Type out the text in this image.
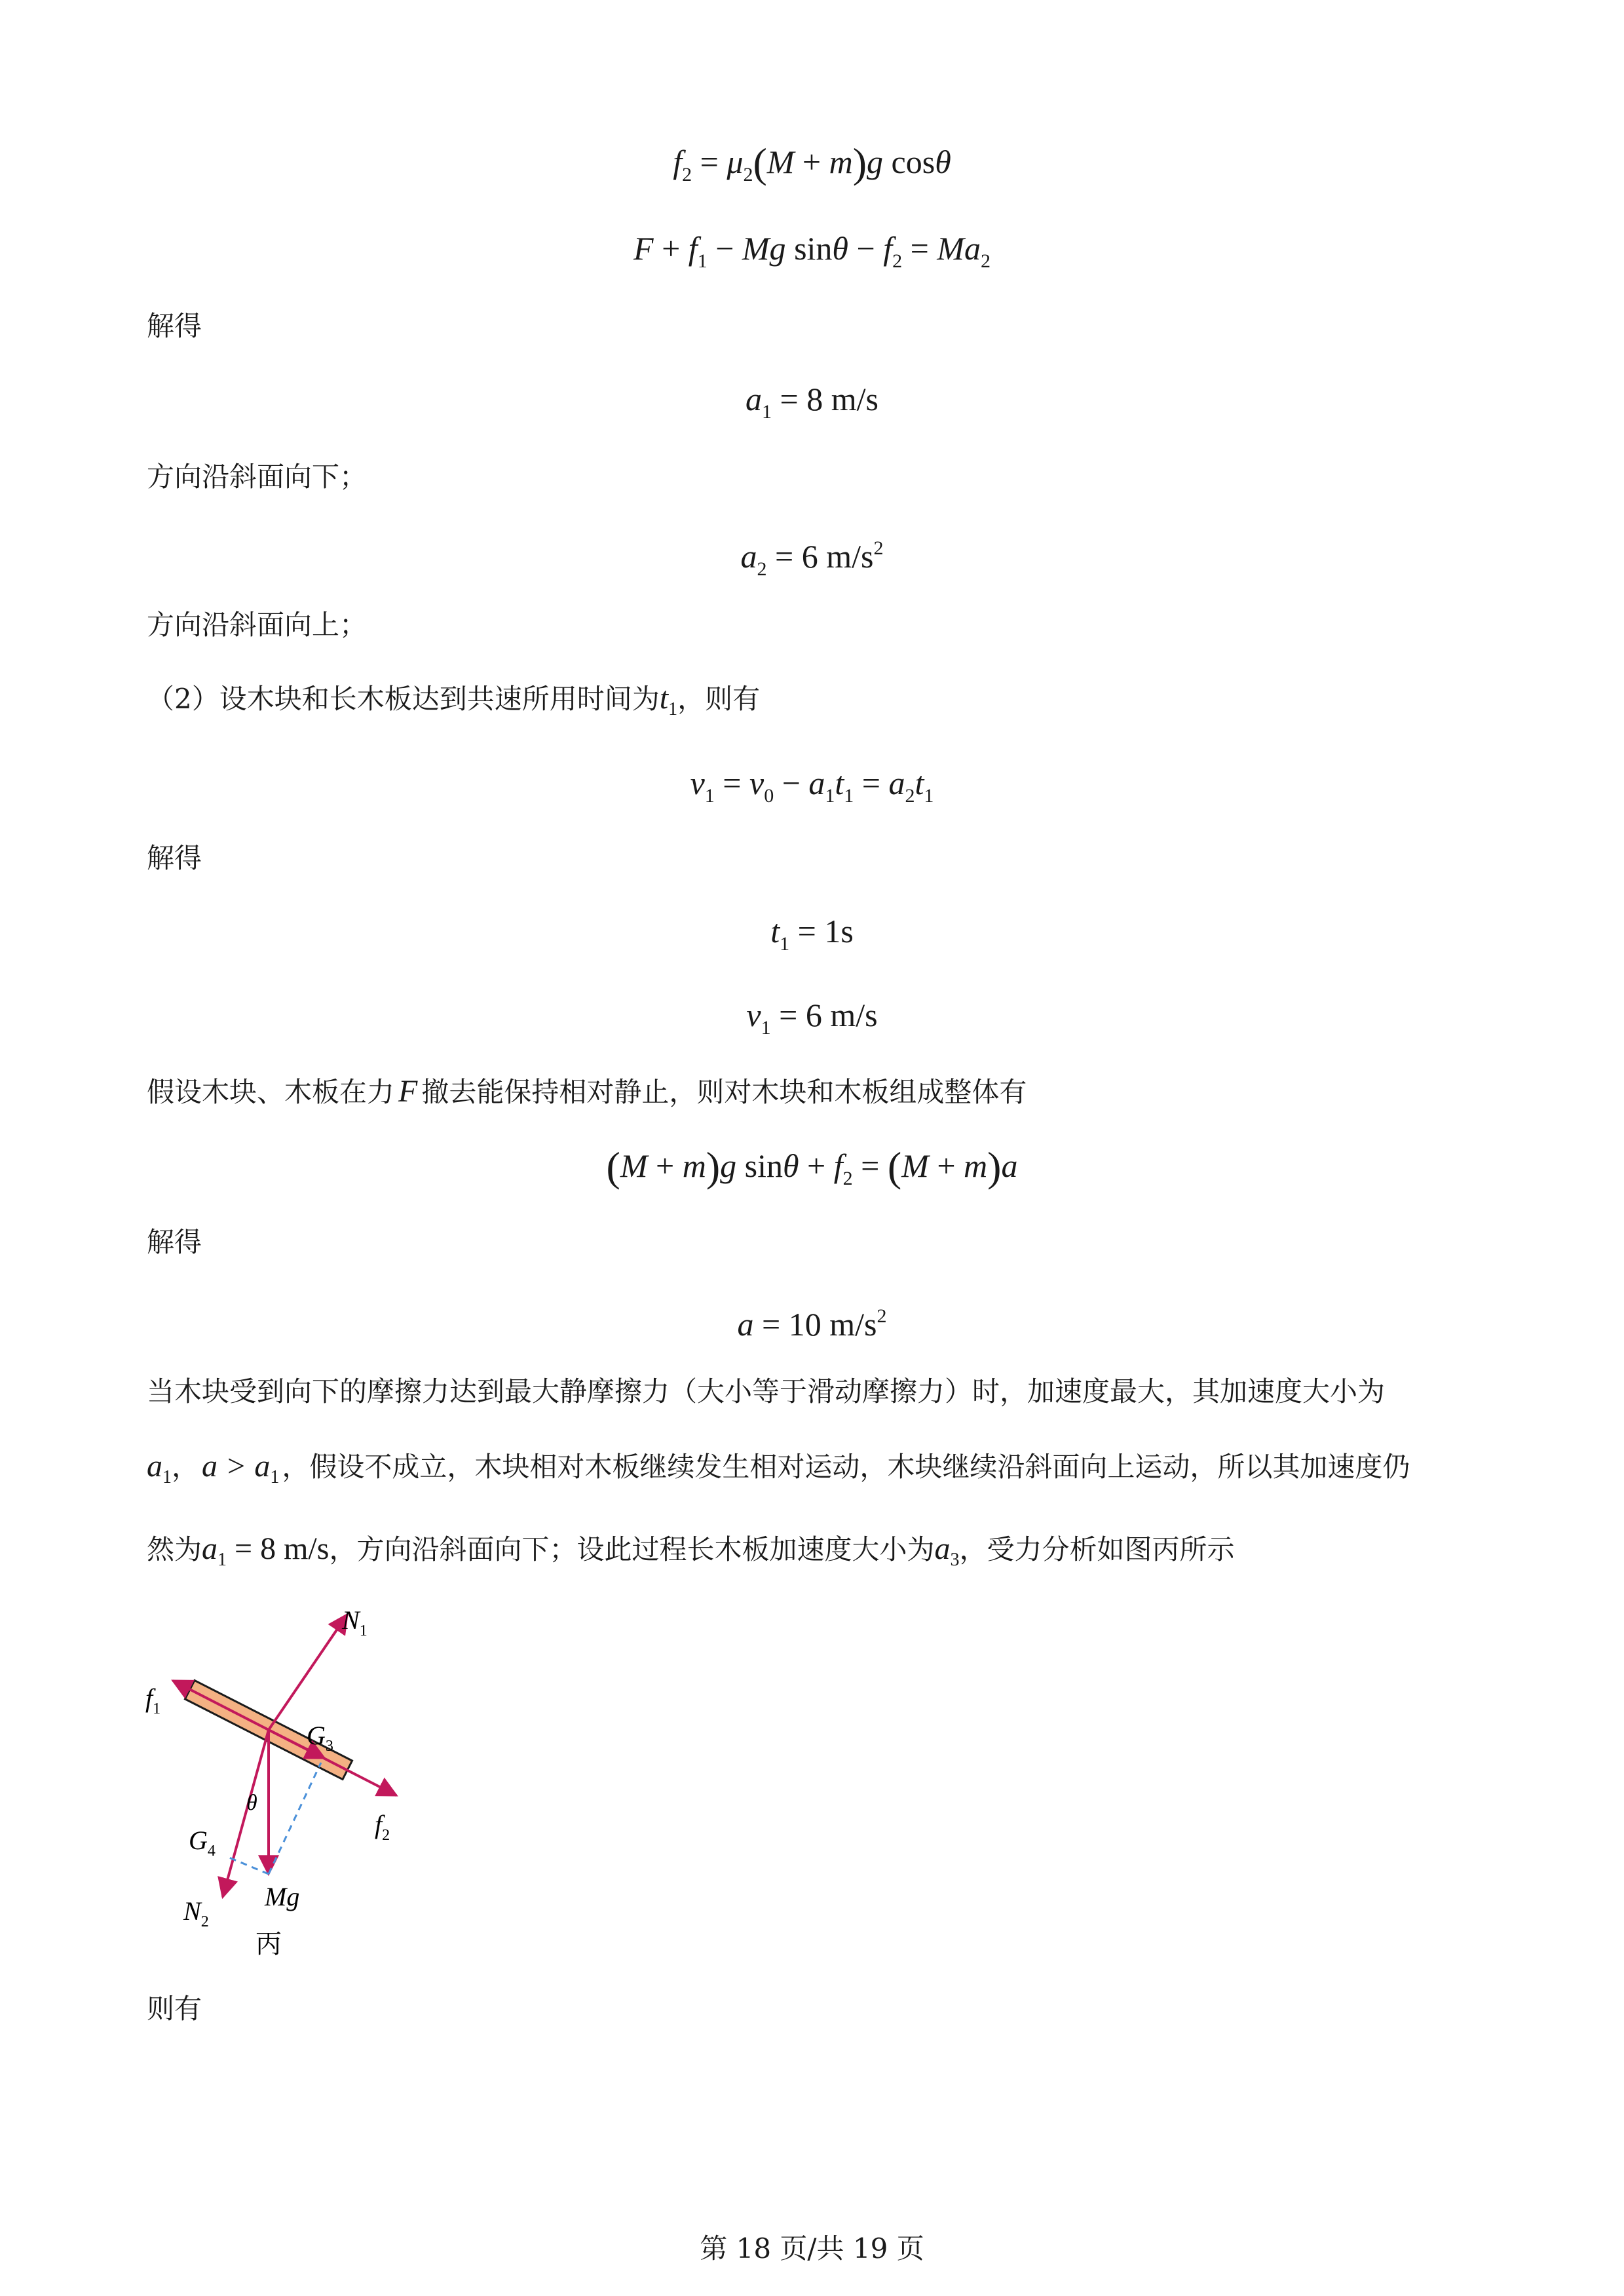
$f_2 = \mu_2(M + m)g$ cosθ
$F + f_1 - Mg$ $\sin\theta - f_2 = Ma_2$
解得
$a_1 = 8$ m/s
方向沿斜面向下；
$a_2 = 6$ $m/s^2$
方向沿斜面向上；
（2）设木块和长木板达到共速所用时间为$t_1$，则有
$v_1 = v_0 - a_1t_1 = a_2t_1$
解得
$t_1 = 1s$
$v_1 = 6$ m/s
假设木块、木板在力 F 撤去能保持相对静止，则对木块和木板组成整体有
(M + m)g $\sin\theta + f_2 = (M + m)a$
解得
a = 10 $m/s^2$
当木块受到向下的摩擦力达到最大静摩擦力（大小等于滑动摩擦力）时，加速度最大，其加速度大小为
$a_1$，$a > a_1$，假设不成立，木块相对木板继续发生相对运动，木块继续沿斜面向上运动，所以其加速度仍
然为$a_1 = 8$ m/s，方向沿斜面向下；设此过程长木板加速度大小为$a_3$，受力分析如图丙所示
$N_1$
$f_1$
$G_3$
θ
$f_2$
$G_4$
$N_2$
Mg
丙
则有
第 18 页/共 19 页
